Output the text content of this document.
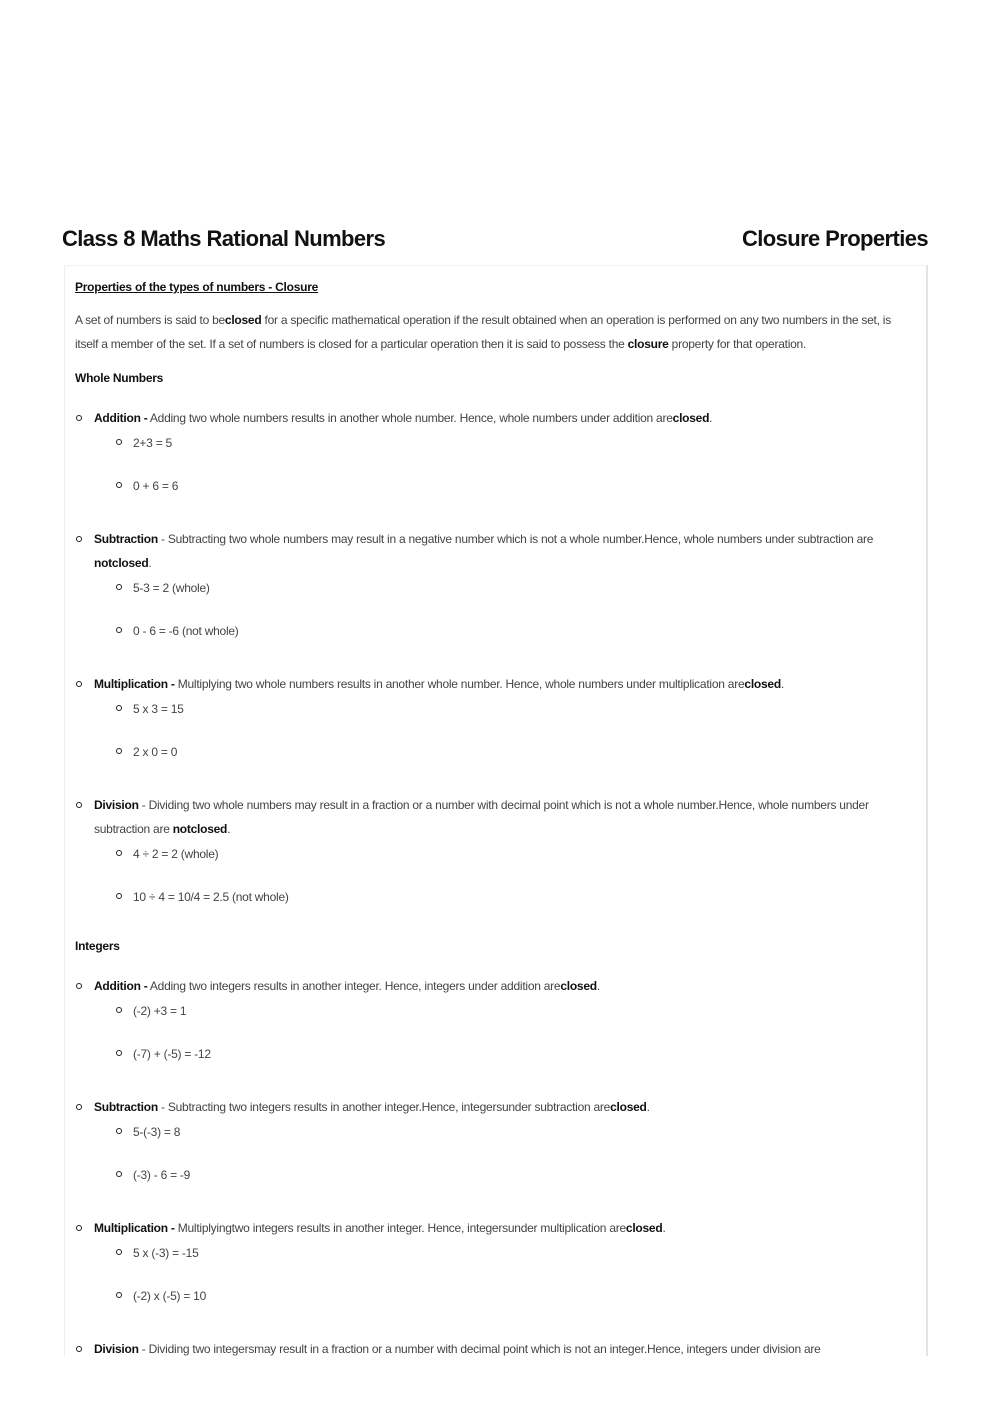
Class 8 Maths Rational Numbers	Closure Properties
Properties of the types of numbers - Closure

A set of numbers is said to beclosed for a specific mathematical operation if the result obtained when an operation is performed on any two numbers in the set, is itself a member of the set. If a set of numbers is closed for a particular operation then it is said to possess the closure property for that operation.

Whole Numbers
Addition - Adding two whole numbers results in another whole number. Hence, whole numbers under addition areclosed.
2+3 = 5
0 + 6 = 6
Subtraction - Subtracting two whole numbers may result in a negative number which is not a whole number.Hence, whole numbers under subtraction are notclosed.
5-3 = 2 (whole)
0 - 6 = -6 (not whole)
Multiplication - Multiplying two whole numbers results in another whole number. Hence, whole numbers under multiplication areclosed.
5 x 3 = 15
2 x 0 = 0
Division - Dividing two whole numbers may result in a fraction or a number with decimal point which is not a whole number.Hence, whole numbers under subtraction are notclosed.
4 ÷ 2 = 2 (whole)
10 ÷ 4 = 10/4 = 2.5 (not whole)
Integers
Addition - Adding two integers results in another integer. Hence, integers under addition areclosed.
(-2) +3 = 1
(-7) + (-5) = -12
Subtraction - Subtracting two integers results in another integer.Hence, integersunder subtraction areclosed.
5-(-3) = 8
(-3) - 6 = -9
Multiplication - Multiplyingtwo integers results in another integer. Hence, integersunder multiplication areclosed.
5 x (-3) = -15
(-2) x (-5) = 10
Division - Dividing two integersmay result in a fraction or a number with decimal point which is not an integer.Hence, integers under division are
